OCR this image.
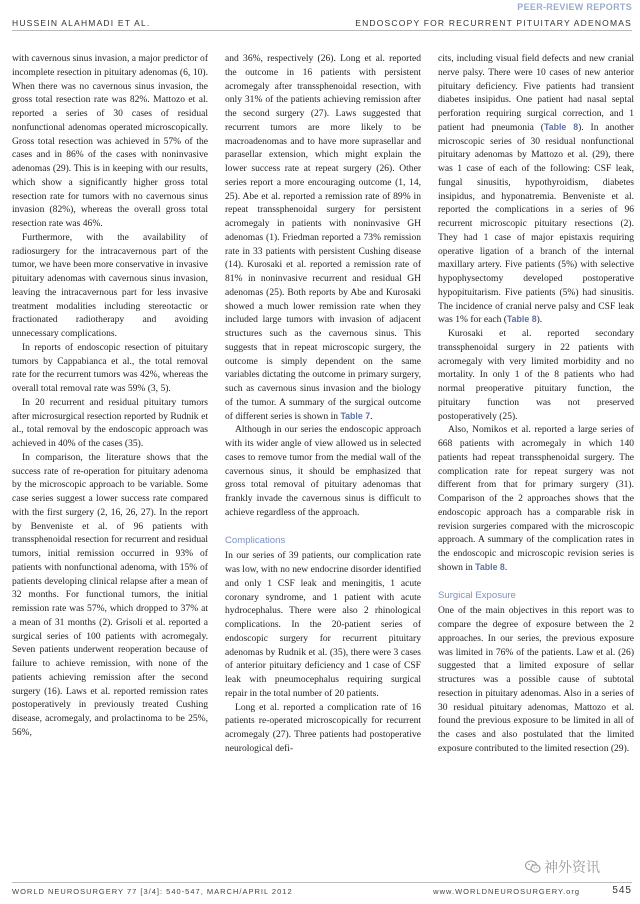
PEER-REVIEW REPORTS
HUSSEIN ALAHMADI ET AL.	ENDOSCOPY FOR RECURRENT PITUITARY ADENOMAS

with cavernous sinus invasion, a major predictor of incomplete resection in pituitary adenomas (6, 10). When there was no cavernous sinus invasion, the gross total resection rate was 82%. Mattozo et al. reported a series of 30 cases of residual nonfunctional adenomas operated microscopically. Gross total resection was achieved in 57% of the cases and in 86% of the cases with noninvasive adenomas (29). This is in keeping with our results, which show a significantly higher gross total resection rate for tumors with no cavernous sinus invasion (82%), whereas the overall gross total resection rate was 46%.

Furthermore, with the availability of radiosurgery for the intracavernous part of the tumor, we have been more conservative in invasive pituitary adenomas with cavernous sinus invasion, leaving the intracavernous part for less invasive treatment modalities including stereotactic or fractionated radiotherapy and avoiding unnecessary complications.

In reports of endoscopic resection of pituitary tumors by Cappabianca et al., the total removal rate for the recurrent tumors was 42%, whereas the overall total removal rate was 59% (3, 5).

In 20 recurrent and residual pituitary tumors after microsurgical resection reported by Rudnik et al., total removal by the endoscopic approach was achieved in 40% of the cases (35).

In comparison, the literature shows that the success rate of re-operation for pituitary adenoma by the microscopic approach to be variable. Some case series suggest a lower success rate compared with the first surgery (2, 16, 26, 27). In the report by Benveniste et al. of 96 patients with transsphenoidal resection for recurrent and residual tumors, initial remission occurred in 93% of patients with nonfunctional adenoma, with 15% of patients developing clinical relapse after a mean of 32 months. For functional tumors, the initial remission rate was 57%, which dropped to 37% at a mean of 31 months (2). Grisoli et al. reported a surgical series of 100 patients with acromegaly. Seven patients underwent reoperation because of failure to achieve remission, with none of the patients achieving remission after the second surgery (16). Laws et al. reported remission rates postoperatively in previously treated Cushing disease, acromegaly, and prolactinoma to be 25%, 56%,

and 36%, respectively (26). Long et al. reported the outcome in 16 patients with persistent acromegaly after transsphenoidal resection, with only 31% of the patients achieving remission after the second surgery (27). Laws suggested that recurrent tumors are more likely to be macroadenomas and to have more suprasellar and parasellar extension, which might explain the lower success rate at repeat surgery (26). Other series report a more encouraging outcome (1, 14, 25). Abe et al. reported a remission rate of 89% in repeat transsphenoidal surgery for persistent acromegaly in patients with noninvasive GH adenomas (1). Friedman reported a 73% remission rate in 33 patients with persistent Cushing disease (14). Kurosaki et al. reported a remission rate of 81% in noninvasive recurrent and residual GH adenomas (25). Both reports by Abe and Kurosaki showed a much lower remission rate when they included large tumors with invasion of adjacent structures such as the cavernous sinus. This suggests that in repeat microscopic surgery, the outcome is simply dependent on the same variables dictating the outcome in primary surgery, such as cavernous sinus invasion and the biology of the tumor. A summary of the surgical outcome of different series is shown in Table 7.

Although in our series the endoscopic approach with its wider angle of view allowed us in selected cases to remove tumor from the medial wall of the cavernous sinus, it should be emphasized that gross total removal of pituitary adenomas that frankly invade the cavernous sinus is difficult to achieve regardless of the approach.

Complications

In our series of 39 patients, our complication rate was low, with no new endocrine disorder identified and only 1 CSF leak and meningitis, 1 acute coronary syndrome, and 1 patient with acute hydrocephalus. There were also 2 rhinological complications. In the 20-patient series of endoscopic surgery for recurrent pituitary adenomas by Rudnik et al. (35), there were 3 cases of anterior pituitary deficiency and 1 case of CSF leak with pneumocephalus requiring surgical repair in the total number of 20 patients.

Long et al. reported a complication rate of 16 patients re-operated microscopically for recurrent acromegaly (27). Three patients had postoperative neurological defi-

cits, including visual field defects and new cranial nerve palsy. There were 10 cases of new anterior pituitary deficiency. Five patients had transient diabetes insipidus. One patient had nasal septal perforation requiring surgical correction, and 1 patient had pneumonia (Table 8). In another microscopic series of 30 residual nonfunctional pituitary adenomas by Mattozo et al. (29), there was 1 case of each of the following: CSF leak, fungal sinusitis, hypothyroidism, diabetes insipidus, and hyponatremia. Benveniste et al. reported the complications in a series of 96 recurrent microscopic pituitary resections (2). They had 1 case of major epistaxis requiring operative ligation of a branch of the internal maxillary artery. Five patients (5%) with selective hypophysectomy developed postoperative hypopituitarism. Five patients (5%) had sinusitis. The incidence of cranial nerve palsy and CSF leak was 1% for each (Table 8).

Kurosaki et al. reported secondary transsphenoidal surgery in 22 patients with acromegaly with very limited morbidity and no mortality. In only 1 of the 8 patients who had normal preoperative pituitary function, the pituitary function was not preserved postoperatively (25).

Also, Nomikos et al. reported a large series of 668 patients with acromegaly in which 140 patients had repeat transsphenoidal surgery. The complication rate for repeat surgery was not different from that for primary surgery (31). Comparison of the 2 approaches shows that the endoscopic approach has a comparable risk in revision surgeries compared with the microscopic approach. A summary of the complication rates in the endoscopic and microscopic revision series is shown in Table 8.

Surgical Exposure

One of the main objectives in this report was to compare the degree of exposure between the 2 approaches. In our series, the previous exposure was limited in 76% of the patients. Law et al. (26) suggested that a limited exposure of sellar structures was a possible cause of subtotal resection in pituitary adenomas. Also in a series of 30 residual pituitary adenomas, Mattozo et al. found the previous exposure to be limited in all of the cases and also postulated that the limited exposure contributed to the limited resection (29).

神外资讯
WORLD NEUROSURGERY 77 [3/4]: 540-547, MARCH/APRIL 2012	www.WORLDNEUROSURGERY.org	545
